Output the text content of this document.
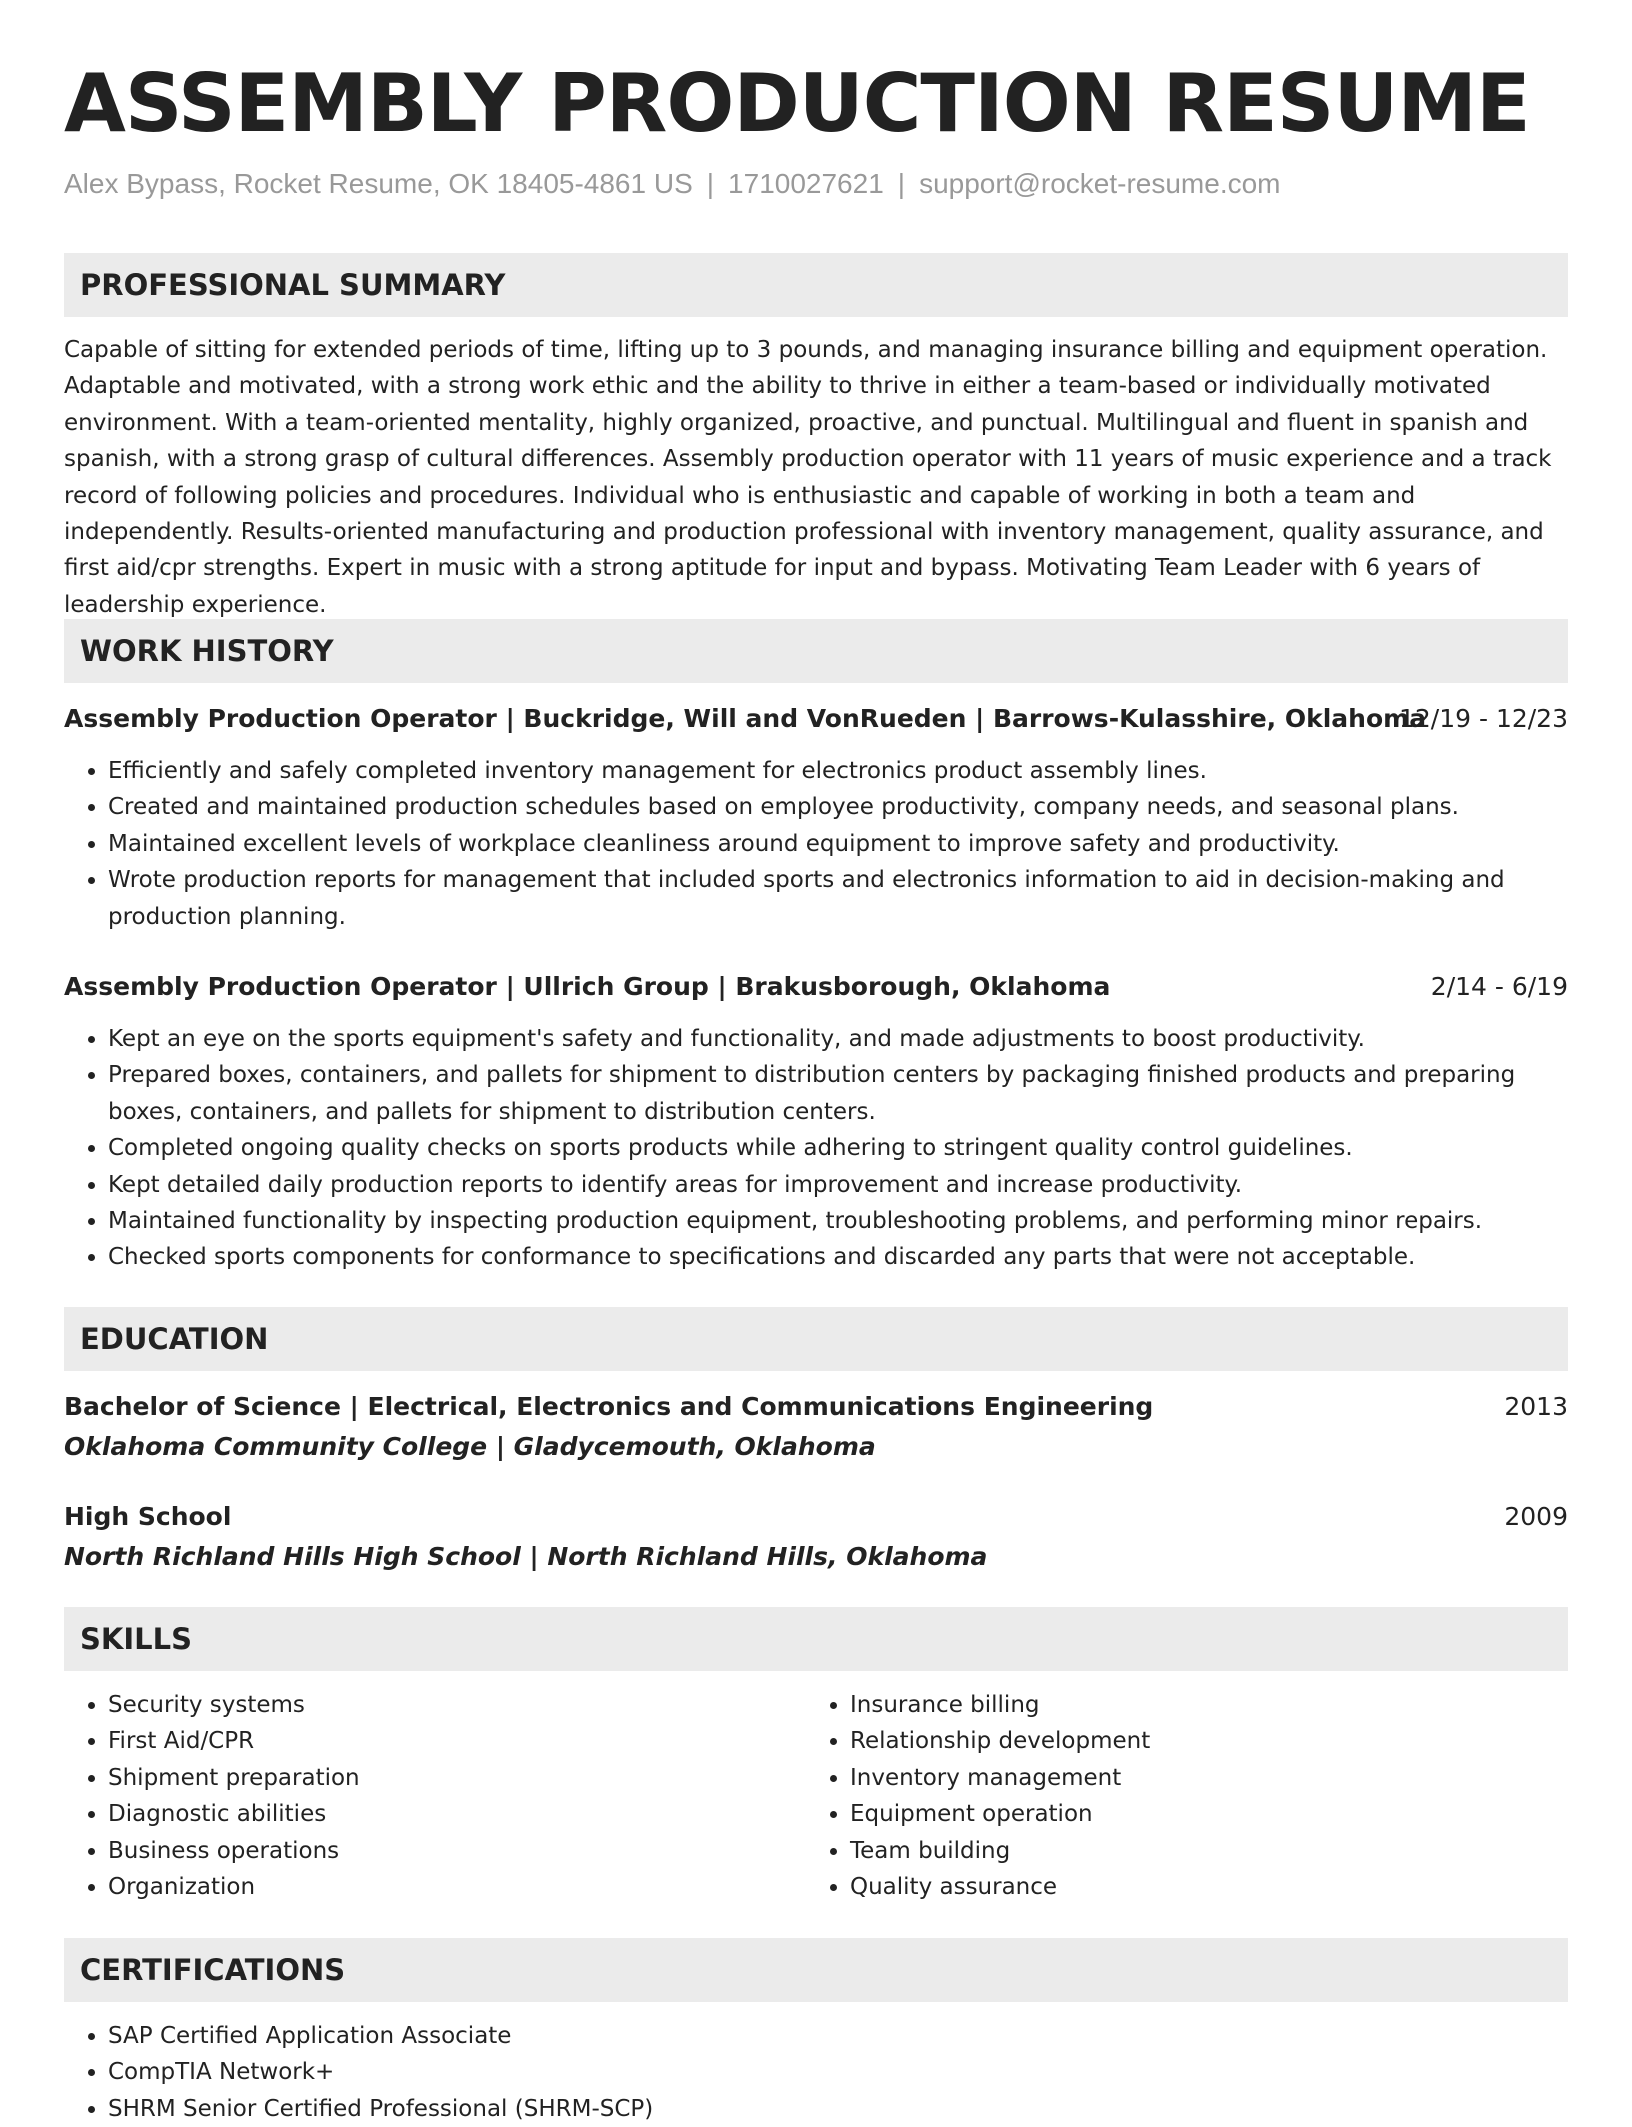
ASSEMBLY PRODUCTION RESUME
Alex Bypass, Rocket Resume, OK 18405-4861 US | 1710027621 | support@rocket-resume.com
PROFESSIONAL SUMMARY

Capable of sitting for extended periods of time, lifting up to 3 pounds, and managing insurance billing and equipment operation. Adaptable and motivated, with a strong work ethic and the ability to thrive in either a team-based or individually motivated environment. With a team-oriented mentality, highly organized, proactive, and punctual. Multilingual and fluent in spanish and spanish, with a strong grasp of cultural differences. Assembly production operator with 11 years of music experience and a track record of following policies and procedures. Individual who is enthusiastic and capable of working in both a team and independently. Results-oriented manufacturing and production professional with inventory management, quality assurance, and first aid/cpr strengths. Expert in music with a strong aptitude for input and bypass. Motivating Team Leader with 6 years of leadership experience.

WORK HISTORY
Assembly Production Operator | Buckridge, Will and VonRueden | Barrows-Kulasshire, Oklahoma
12/19 - 12/23
• Efficiently and safely completed inventory management for electronics product assembly lines.
• Created and maintained production schedules based on employee productivity, company needs, and seasonal plans.
• Maintained excellent levels of workplace cleanliness around equipment to improve safety and productivity.
• Wrote production reports for management that included sports and electronics information to aid in decision-making and production planning.
Assembly Production Operator | Ullrich Group | Brakusborough, Oklahoma	2/14 - 6/19
• Kept an eye on the sports equipment's safety and functionality, and made adjustments to boost productivity.
• Prepared boxes, containers, and pallets for shipment to distribution centers by packaging finished products and preparing boxes, containers, and pallets for shipment to distribution centers.
• Completed ongoing quality checks on sports products while adhering to stringent quality control guidelines.
• Kept detailed daily production reports to identify areas for improvement and increase productivity.
• Maintained functionality by inspecting production equipment, troubleshooting problems, and performing minor repairs.
• Checked sports components for conformance to specifications and discarded any parts that were not acceptable.
EDUCATION
Bachelor of Science | Electrical, Electronics and Communications Engineering	2013
Oklahoma Community College | Gladycemouth, Oklahoma
High School	2009
North Richland Hills High School | North Richland Hills, Oklahoma
SKILLS
• Security systems
• First Aid/CPR
• Shipment preparation
• Diagnostic abilities
• Business operations
• Organization
• Insurance billing
• Relationship development
• Inventory management
• Equipment operation
• Team building
• Quality assurance
CERTIFICATIONS
• SAP Certified Application Associate
• CompTIA Network+
• SHRM Senior Certified Professional (SHRM-SCP)
